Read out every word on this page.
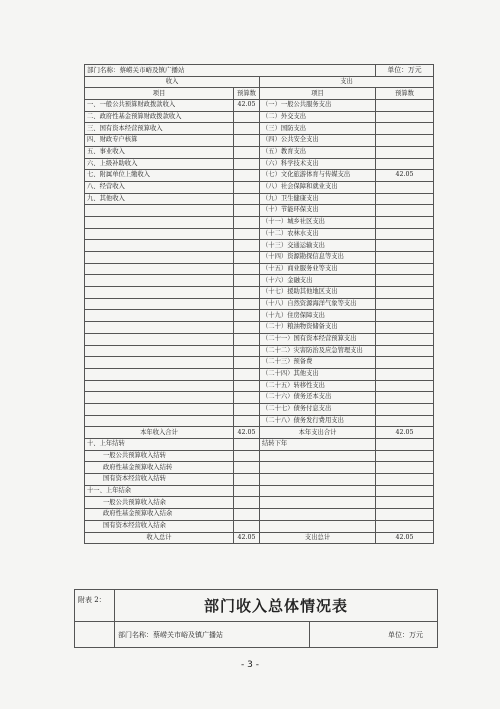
部门名称：蔡崂关市峪及镇广播站			单位：万元
收入		支出	
项目	预算数	项目	预算数
一、一般公共预算财政拨款收入	42.05	（一）一般公共服务支出	
二、政府性基金预算财政拨款收入		（二）外交支出	
三、国有资本经营预算收入		（三）国防支出	
四、财政专户核算		（四）公共安全支出	
五、事业收入		（五）教育支出	
六、上级补助收入		（六）科学技术支出	
七、附属单位上缴收入		（七）文化旅游体育与传媒支出	42.05
八、经营收入		（八）社会保障和就业支出	
九、其他收入		（九）卫生健康支出	
		（十）节能环保支出	
		（十一）城乡社区支出	
		（十二）农林水支出	
		（十三）交通运输支出	
		（十四）资源勘探信息等支出	
		（十五）商业服务业等支出	
		（十六）金融支出	
		（十七）援助其他地区支出	
		（十八）自然资源海洋气象等支出	
		（十九）住房保障支出	
		（二十）粮油物资储备支出	
		（二十一）国有资本经营预算支出	
		（二十二）灾害防治及应急管理支出	
		（二十三）预备费	
		（二十四）其他支出	
		（二十五）转移性支出	
		（二十六）债务还本支出	
		（二十七）债务付息支出	
		（二十八）债务发行费用支出	
本年收入合计	42.05	本年支出合计	42.05
十、上年结转		结转下年	
一般公共预算收入结转			
政府性基金预算收入结转			
国有资本经营收入结转			
十一、上年结余			
一般公共预算收入结余			
政府性基金预算收入结余			
国有资本经营收入结余			
收入总计	42.05	支出总计	42.05
附表 2：	部门收入总体情况表	
	部门名称：蔡崂关市峪及镇广播站	单位：万元
- 3 -
